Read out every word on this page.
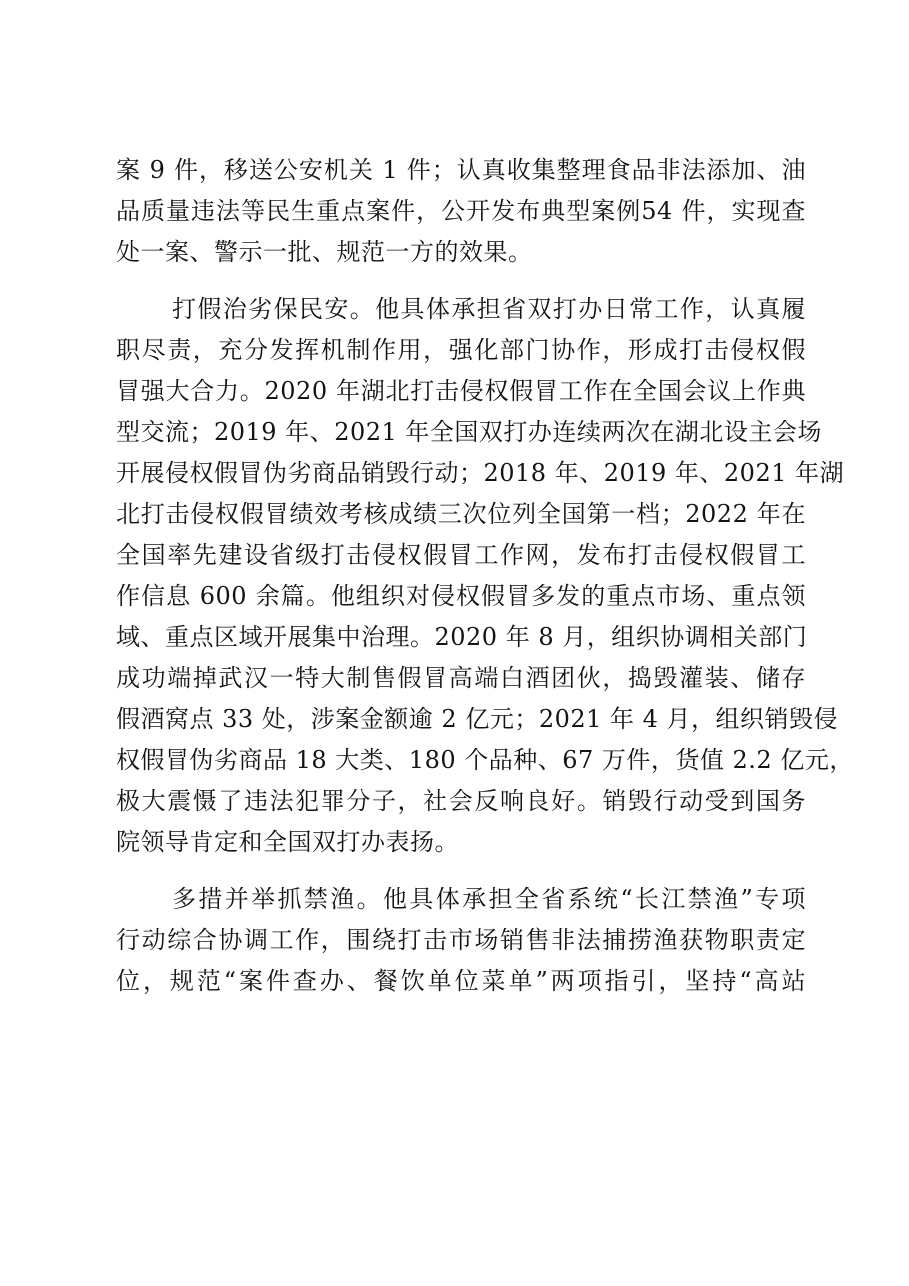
案 9 件，移送公安机关 1 件；认真收集整理食品非法添加、油
品质量违法等民生重点案件，公开发布典型案例54 件，实现查
处一案、警示一批、规范一方的效果。
打假治劣保民安。他具体承担省双打办日常工作，认真履
职尽责，充分发挥机制作用，强化部门协作，形成打击侵权假
冒强大合力。2020 年湖北打击侵权假冒工作在全国会议上作典
型交流；2019 年、2021 年全国双打办连续两次在湖北设主会场
开展侵权假冒伪劣商品销毁行动；2018 年、2019 年、2021 年湖
北打击侵权假冒绩效考核成绩三次位列全国第一档；2022 年在
全国率先建设省级打击侵权假冒工作网，发布打击侵权假冒工
作信息 600 余篇。他组织对侵权假冒多发的重点市场、重点领
域、重点区域开展集中治理。2020 年 8 月，组织协调相关部门
成功端掉武汉一特大制售假冒高端白酒团伙，捣毁灌装、储存
假酒窝点 33 处，涉案金额逾 2 亿元；2021 年 4 月，组织销毁侵
权假冒伪劣商品 18 大类、180 个品种、67 万件，货值 2.2 亿元，
极大震慑了违法犯罪分子，社会反响良好。销毁行动受到国务
院领导肯定和全国双打办表扬。
多措并举抓禁渔。他具体承担全省系统“长江禁渔”专项
行动综合协调工作，围绕打击市场销售非法捕捞渔获物职责定
位，规范“案件查办、餐饮单位菜单”两项指引，坚持“高站
